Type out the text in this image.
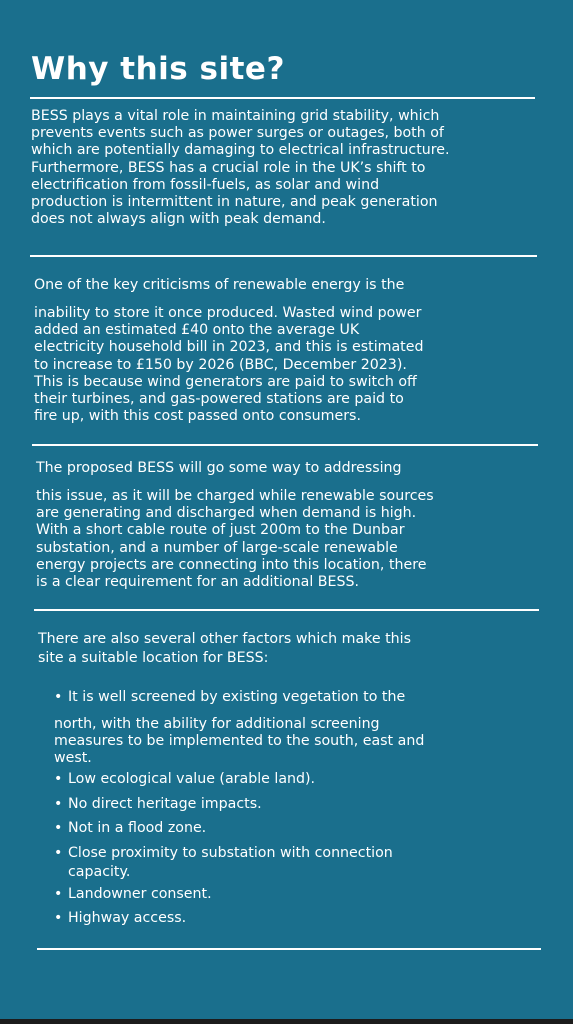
Why this site?

BESS plays a vital role in maintaining grid stability, which
prevents events such as power surges or outages, both of
which are potentially damaging to electrical infrastructure.
Furthermore, BESS has a crucial role in the UK’s shift to
electrification from fossil-fuels, as solar and wind
production is intermittent in nature, and peak generation
does not always align with peak demand.

One of the key criticisms of renewable energy is the

inability to store it once produced. Wasted wind power
added an estimated £40 onto the average UK
electricity household bill in 2023, and this is estimated
to increase to £150 by 2026 (BBC, December 2023).
This is because wind generators are paid to switch off
their turbines, and gas-powered stations are paid to
fire up, with this cost passed onto consumers.

The proposed BESS will go some way to addressing

this issue, as it will be charged while renewable sources
are generating and discharged when demand is high.
With a short cable route of just 200m to the Dunbar
substation, and a number of large-scale renewable
energy projects are connecting into this location, there
is a clear requirement for an additional BESS.

There are also several other factors which make this
site a suitable location for BESS:

• It is well screened by existing vegetation to the

north, with the ability for additional screening
measures to be implemented to the south, east and
west.

• Low ecological value (arable land).
• No direct heritage impacts.
• Not in a flood zone.
• Close proximity to substation with connection
capacity.
• Landowner consent.
• Highway access.
